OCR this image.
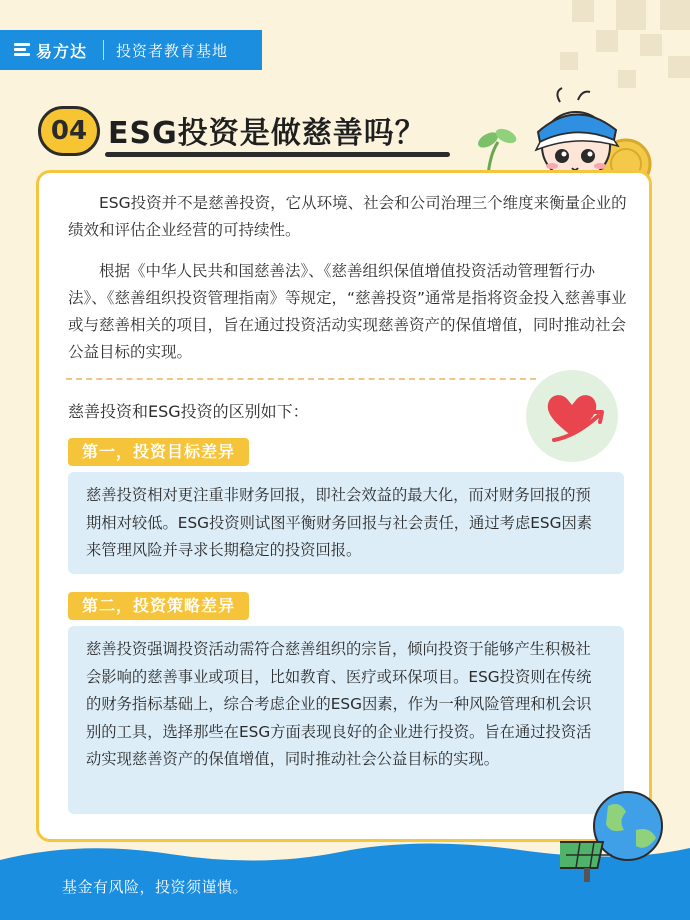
易方达 投资者教育基地
04 ESG投资是做慈善吗？

ESG投资并不是慈善投资，它从环境、社会和公司治理三个维度来衡量企业的绩效和评估企业经营的可持续性。

根据《中华人民共和国慈善法》、《慈善组织保值增值投资活动管理暂行办法》、《慈善组织投资管理指南》等规定，“慈善投资”通常是指将资金投入慈善事业或与慈善相关的项目，旨在通过投资活动实现慈善资产的保值增值，同时推动社会公益目标的实现。

慈善投资和ESG投资的区别如下：
第一，投资目标差异

慈善投资相对更注重非财务回报，即社会效益的最大化，而对财务回报的预期相对较低。ESG投资则试图平衡财务回报与社会责任，通过考虑ESG因素来管理风险并寻求长期稳定的投资回报。

第二，投资策略差异

慈善投资强调投资活动需符合慈善组织的宗旨，倾向投资于能够产生积极社会影响的慈善事业或项目，比如教育、医疗或环保项目。ESG投资则在传统的财务指标基础上，综合考虑企业的ESG因素，作为一种风险管理和机会识别的工具，选择那些在ESG方面表现良好的企业进行投资。旨在通过投资活动实现慈善资产的保值增值，同时推动社会公益目标的实现。

基金有风险，投资须谨慎。
